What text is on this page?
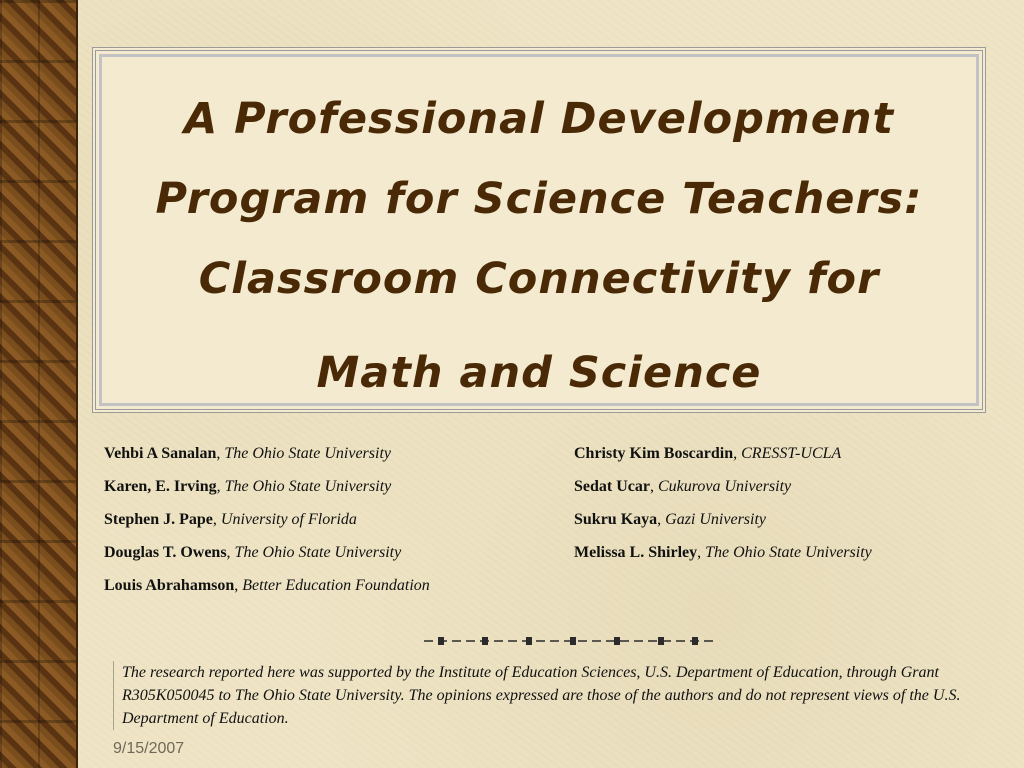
A Professional Development
Program for Science Teachers:
Classroom Connectivity for
Math and Science
Vehbi A Sanalan, The Ohio State University
Karen, E. Irving, The Ohio State University
Stephen J. Pape, University of Florida
Douglas T. Owens, The Ohio State University
Louis Abrahamson, Better Education Foundation
Christy Kim Boscardin, CRESST-UCLA
Sedat Ucar, Cukurova University
Sukru Kaya, Gazi University
Melissa L. Shirley, The Ohio State University
The research reported here was supported by the Institute of Education Sciences, U.S. Department of Education, through Grant R305K050045 to The Ohio State University. The opinions expressed are those of the authors and do not represent views of the U.S. Department of Education.
9/15/2007
